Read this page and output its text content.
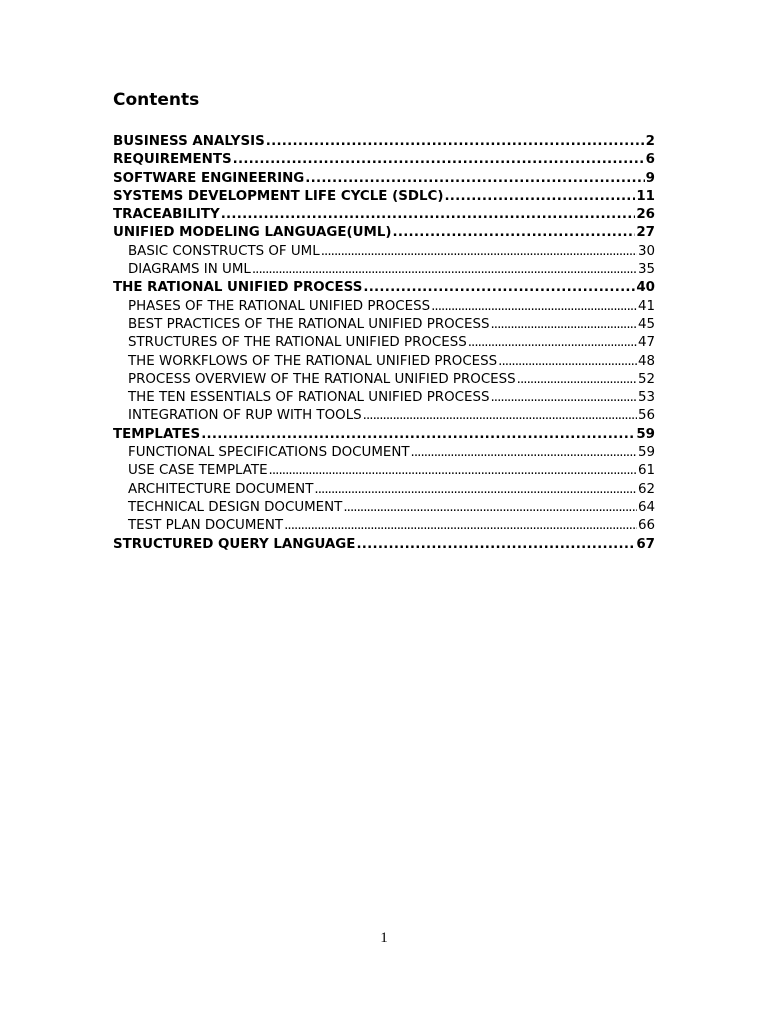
Contents
BUSINESS ANALYSIS . . .	2
REQUIREMENTS . . .	6
SOFTWARE ENGINEERING . . .	9
SYSTEMS DEVELOPMENT LIFE CYCLE (SDLC) . . .	11
TRACEABILITY . . .	26
UNIFIED MODELING LANGUAGE(UML) . . .	27
BASIC CONSTRUCTS OF UML . . .	30
DIAGRAMS IN UML . . .	35
THE RATIONAL UNIFIED PROCESS . . .	40
PHASES OF THE RATIONAL UNIFIED PROCESS . . .	41
BEST PRACTICES OF THE RATIONAL UNIFIED PROCESS . . .	45
STRUCTURES OF THE RATIONAL UNIFIED PROCESS . . .	47
THE WORKFLOWS OF THE RATIONAL UNIFIED PROCESS . . .	48
PROCESS OVERVIEW OF THE RATIONAL UNIFIED PROCESS . . .	52
THE TEN ESSENTIALS OF RATIONAL UNIFIED PROCESS . . .	53
INTEGRATION OF RUP WITH TOOLS . . .	56
TEMPLATES . . .	59
FUNCTIONAL SPECIFICATIONS DOCUMENT . . .	59
USE CASE TEMPLATE . . .	61
ARCHITECTURE DOCUMENT . . .	62
TECHNICAL DESIGN DOCUMENT . . .	64
TEST PLAN DOCUMENT . . .	66
STRUCTURED QUERY LANGUAGE . . .	67
1
